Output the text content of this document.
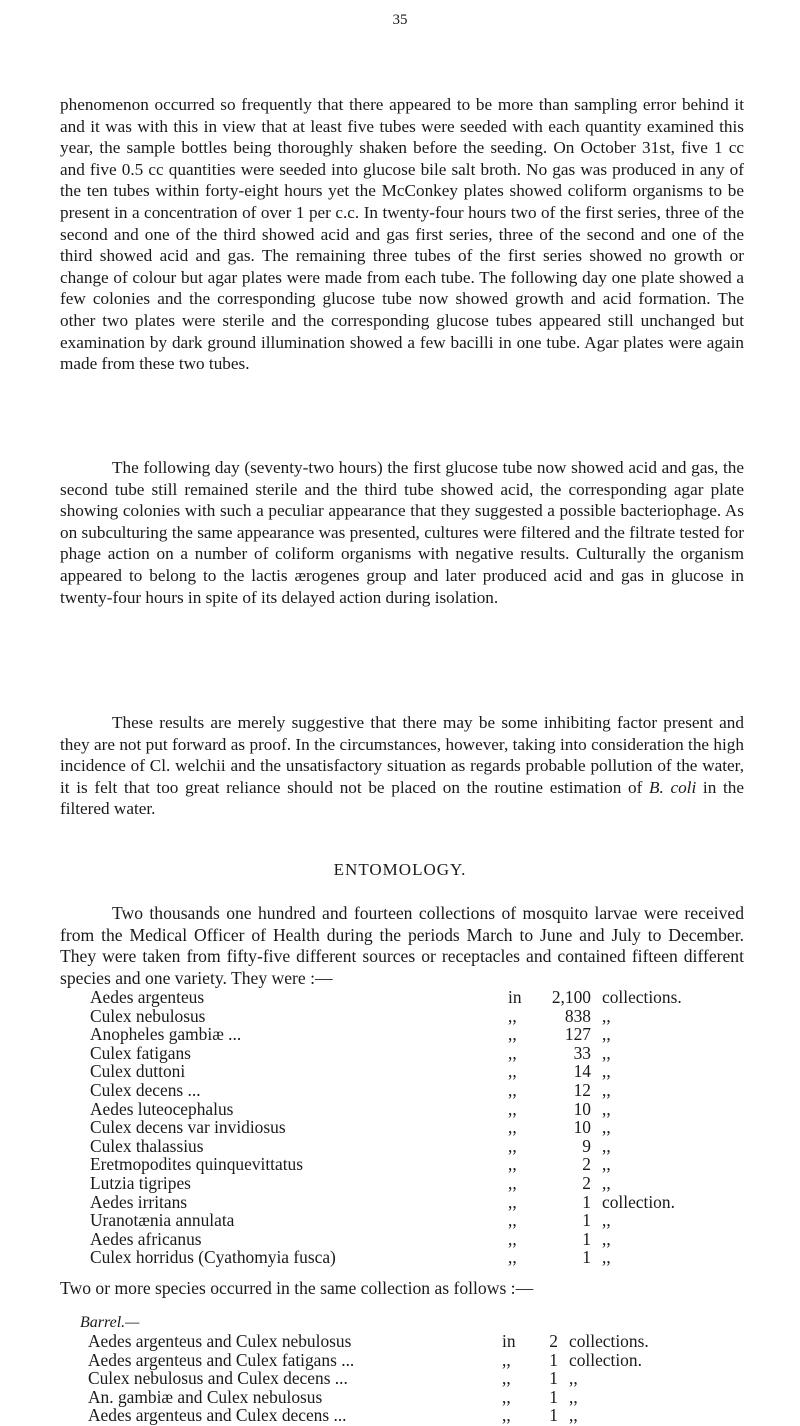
35

phenomenon occurred so frequently that there appeared to be more than sampling error behind it and it was with this in view that at least five tubes were seeded with each quantity examined this year, the sample bottles being thoroughly shaken before the seeding. On October 31st, five 1 cc and five 0.5 cc quantities were seeded into glucose bile salt broth. No gas was produced in any of the ten tubes within forty-eight hours yet the McConkey plates showed coliform organisms to be present in a concentration of over 1 per c.c. In twenty-four hours two of the first series, three of the second and one of the third showed acid and gas first series, three of the second and one of the third showed acid and gas. The remaining three tubes of the first series showed no growth or change of colour but agar plates were made from each tube. The following day one plate showed a few colonies and the corresponding glucose tube now showed growth and acid formation. The other two plates were sterile and the corresponding glucose tubes appeared still unchanged but examination by dark ground illumination showed a few bacilli in one tube. Agar plates were again made from these two tubes.

The following day (seventy-two hours) the first glucose tube now showed acid and gas, the second tube still remained sterile and the third tube showed acid, the corresponding agar plate showing colonies with such a peculiar appearance that they suggested a possible bacteriophage. As on subculturing the same appearance was presented, cultures were filtered and the filtrate tested for phage action on a number of coliform organisms with negative results. Culturally the organism appeared to belong to the lactis ærogenes group and later produced acid and gas in glucose in twenty-four hours in spite of its delayed action during isolation.

These results are merely suggestive that there may be some inhibiting factor present and they are not put forward as proof. In the circumstances, however, taking into consideration the high incidence of Cl. welchii and the unsatisfactory situation as regards probable pollution of the water, it is felt that too great reliance should not be placed on the routine estimation of B. coli in the filtered water.

ENTOMOLOGY.

Two thousands one hundred and fourteen collections of mosquito larvae were received from the Medical Officer of Health during the periods March to June and July to December. They were taken from fifty-five different sources or receptacles and contained fifteen different species and one variety. They were :—

Aedes argenteus	in	2,100 collections.
Culex nebulosus	,,	838 ,,
Anopheles gambiæ ...	,,	127 ,,
Culex fatigans	,,	33 ,,
Culex duttoni	,,	14 ,,
Culex decens ...	,,	12 ,,
Aedes luteocephalus	,,	10 ,,
Culex decens var invidiosus	,,	10 ,,
Culex thalassius	,,	9 ,,
Eretmopodites quinquevittatus	,,	2 ,,
Lutzia tigripes	,,	2 ,,
Aedes irritans	,,	1 collection.
Uranotænia annulata	,,	1 ,,
Aedes africanus	,,	1 ,,
Culex horridus (Cyathomyia fusca)	,,	1 ,,
Two or more species occurred in the same collection as follows :—
Barrel.—
Aedes argenteus and Culex nebulosus	in	2 collections.
Aedes argenteus and Culex fatigans ...	,,	1 collection.
Culex nebulosus and Culex decens ...	,,	1 ,,
An. gambiæ and Culex nebulosus	,,	1 ,,
Aedes argenteus and Culex decens ...	,,	1 ,,
